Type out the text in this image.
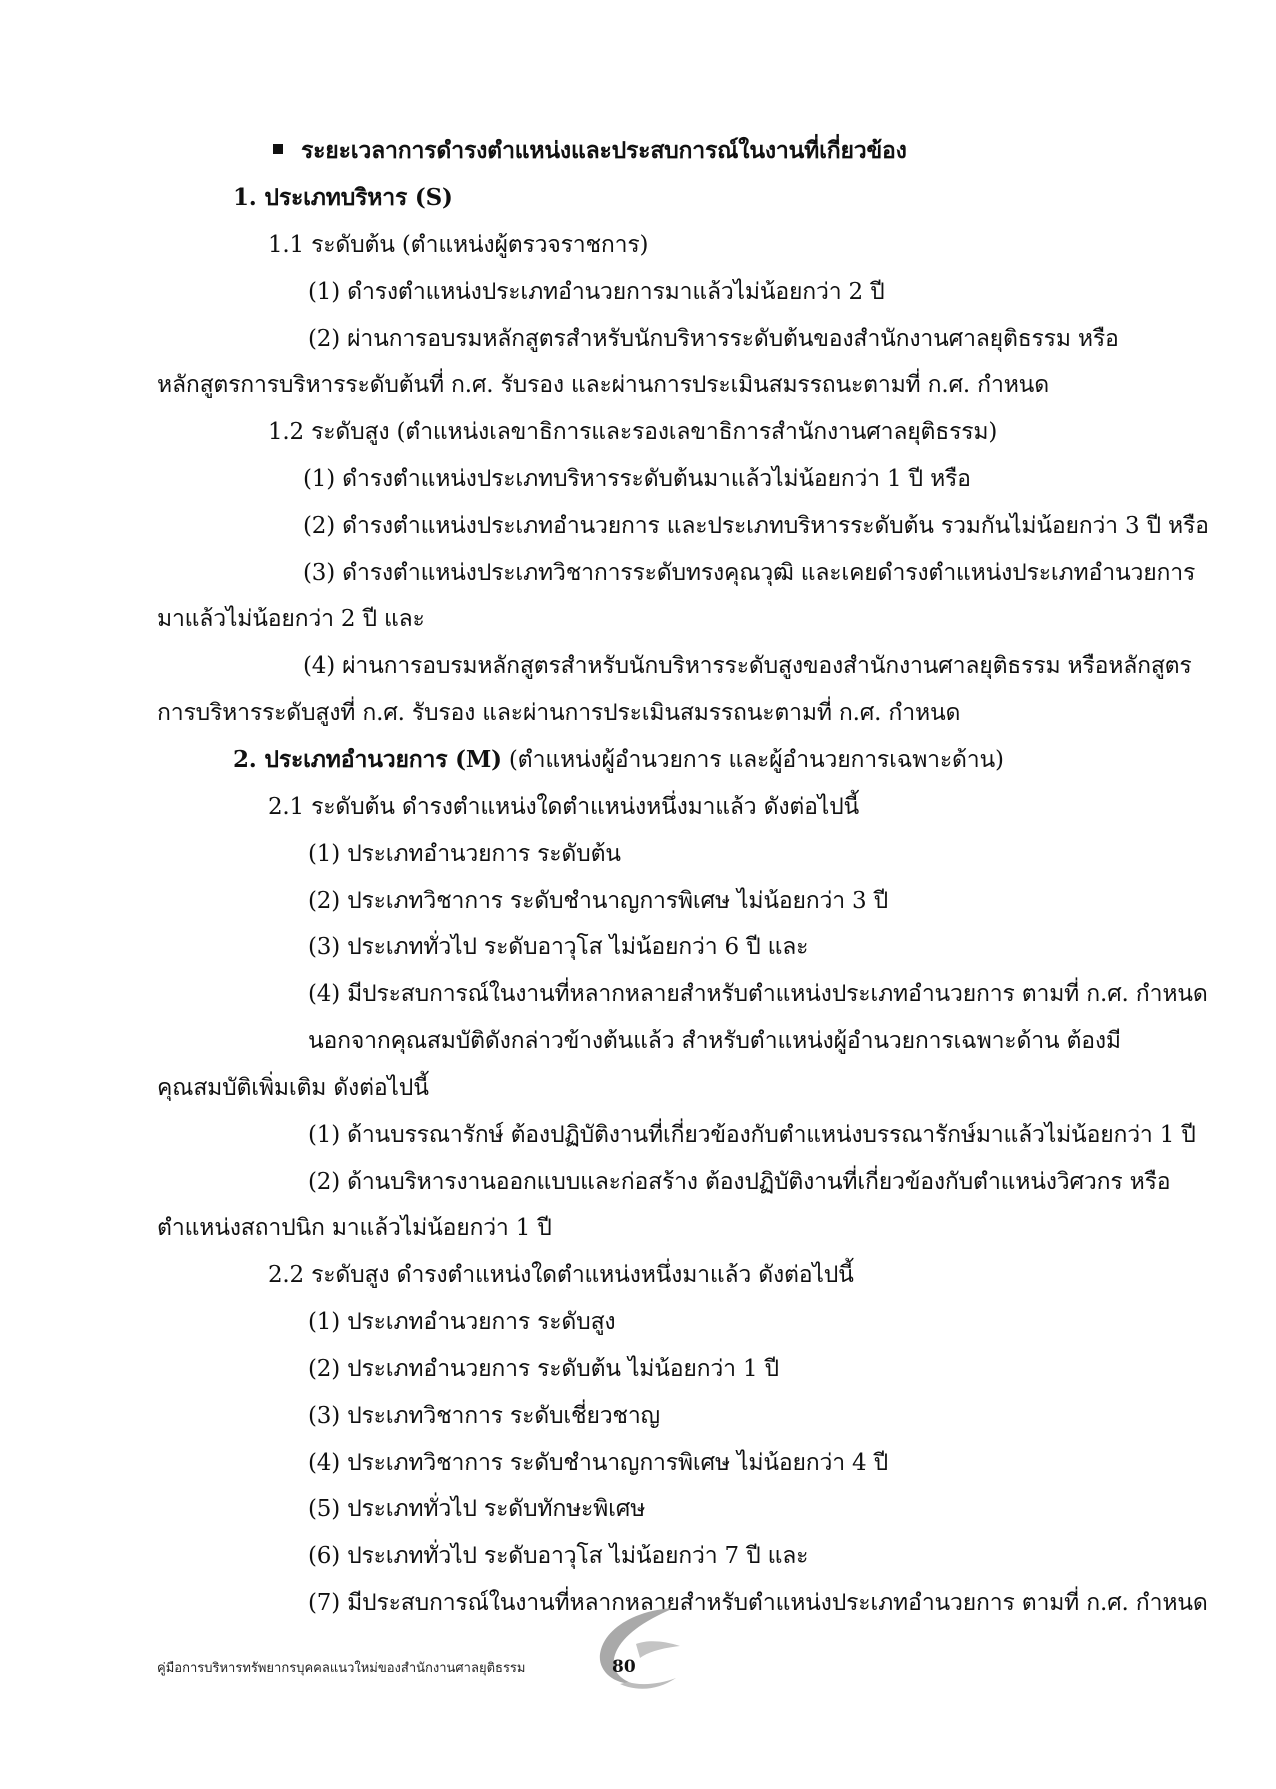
ระยะเวลาการดำรงตำแหน่งและประสบการณ์ในงานที่เกี่ยวข้อง
1. ประเภทบริหาร (S)
1.1 ระดับต้น (ตำแหน่งผู้ตรวจราชการ)
(1) ดำรงตำแหน่งประเภทอำนวยการมาแล้วไม่น้อยกว่า 2 ปี
(2) ผ่านการอบรมหลักสูตรสำหรับนักบริหารระดับต้นของสำนักงานศาลยุติธรรม หรือ
หลักสูตรการบริหารระดับต้นที่ ก.ศ. รับรอง และผ่านการประเมินสมรรถนะตามที่ ก.ศ. กำหนด
1.2 ระดับสูง (ตำแหน่งเลขาธิการและรองเลขาธิการสำนักงานศาลยุติธรรม)
(1) ดำรงตำแหน่งประเภทบริหารระดับต้นมาแล้วไม่น้อยกว่า 1 ปี หรือ
(2) ดำรงตำแหน่งประเภทอำนวยการ และประเภทบริหารระดับต้น รวมกันไม่น้อยกว่า 3 ปี หรือ
(3) ดำรงตำแหน่งประเภทวิชาการระดับทรงคุณวุฒิ และเคยดำรงตำแหน่งประเภทอำนวยการ
มาแล้วไม่น้อยกว่า 2 ปี และ
(4) ผ่านการอบรมหลักสูตรสำหรับนักบริหารระดับสูงของสำนักงานศาลยุติธรรม หรือหลักสูตร
การบริหารระดับสูงที่ ก.ศ. รับรอง และผ่านการประเมินสมรรถนะตามที่ ก.ศ. กำหนด
2. ประเภทอำนวยการ (M) (ตำแหน่งผู้อำนวยการ และผู้อำนวยการเฉพาะด้าน)
2.1 ระดับต้น ดำรงตำแหน่งใดตำแหน่งหนึ่งมาแล้ว ดังต่อไปนี้
(1) ประเภทอำนวยการ ระดับต้น
(2) ประเภทวิชาการ ระดับชำนาญการพิเศษ ไม่น้อยกว่า 3 ปี
(3) ประเภททั่วไป ระดับอาวุโส ไม่น้อยกว่า 6 ปี และ
(4) มีประสบการณ์ในงานที่หลากหลายสำหรับตำแหน่งประเภทอำนวยการ ตามที่ ก.ศ. กำหนด
นอกจากคุณสมบัติดังกล่าวข้างต้นแล้ว สำหรับตำแหน่งผู้อำนวยการเฉพาะด้าน ต้องมี
คุณสมบัติเพิ่มเติม ดังต่อไปนี้
(1) ด้านบรรณารักษ์ ต้องปฏิบัติงานที่เกี่ยวข้องกับตำแหน่งบรรณารักษ์มาแล้วไม่น้อยกว่า 1 ปี
(2) ด้านบริหารงานออกแบบและก่อสร้าง ต้องปฏิบัติงานที่เกี่ยวข้องกับตำแหน่งวิศวกร หรือ
ตำแหน่งสถาปนิก มาแล้วไม่น้อยกว่า 1 ปี
2.2 ระดับสูง ดำรงตำแหน่งใดตำแหน่งหนึ่งมาแล้ว ดังต่อไปนี้
(1) ประเภทอำนวยการ ระดับสูง
(2) ประเภทอำนวยการ ระดับต้น ไม่น้อยกว่า 1 ปี
(3) ประเภทวิชาการ ระดับเชี่ยวชาญ
(4) ประเภทวิชาการ ระดับชำนาญการพิเศษ ไม่น้อยกว่า 4 ปี
(5) ประเภททั่วไป ระดับทักษะพิเศษ
(6) ประเภททั่วไป ระดับอาวุโส ไม่น้อยกว่า 7 ปี และ
(7) มีประสบการณ์ในงานที่หลากหลายสำหรับตำแหน่งประเภทอำนวยการ ตามที่ ก.ศ. กำหนด
คู่มือการบริหารทรัพยากรบุคคลแนวใหม่ของสำนักงานศาลยุติธรรม	80
